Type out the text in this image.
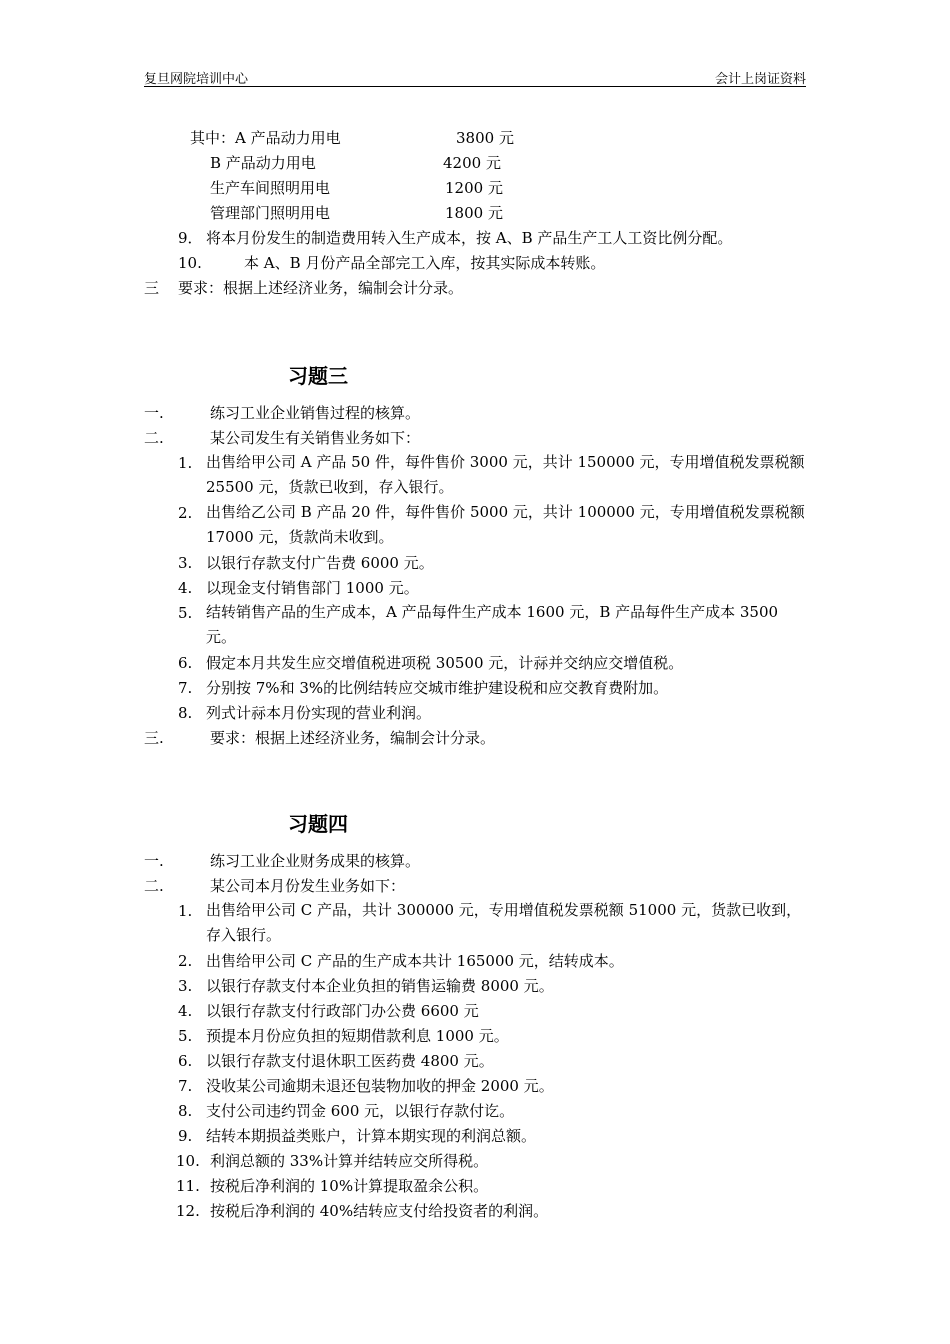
复旦网院培训中心	会计上岗证资料
其中：A 产品动力用电	3800 元
B 产品动力用电	4200 元
生产车间照明用电	1200 元
管理部门照明用电	1800 元
9． 将本月份发生的制造费用转入生产成本，按 A、B 产品生产工人工资比例分配。
10.	本 A、B 月份产品全部完工入库，按其实际成本转账。
三 要求：根据上述经济业务，编制会计分录。
习题三
一.	练习工业企业销售过程的核算。
二.	某公司发生有关销售业务如下：
1. 出售给甲公司 A 产品 50 件，每件售价 3000 元，共计 150000 元，专用增值税发票税额 25500 元，货款已收到，存入银行。
2. 出售给乙公司 B 产品 20 件，每件售价 5000 元，共计 100000 元，专用增值税发票税额 17000 元，货款尚未收到。
3. 以银行存款支付广告费 6000 元。
4. 以现金支付销售部门 1000 元。
5. 结转销售产品的生产成本，A 产品每件生产成本 1600 元，B 产品每件生产成本 3500 元。
6. 假定本月共发生应交增值税进项税 30500 元，计祘并交纳应交增值税。
7. 分别按 7%和 3%的比例结转应交城市维护建设税和应交教育费附加。
8. 列式计祘本月份实现的营业利润。
三.	要求：根据上述经济业务，编制会计分录。
习题四
一.	练习工业企业财务成果的核算。
二.	某公司本月份发生业务如下：
1. 出售给甲公司 C 产品，共计 300000 元，专用增值税发票税额 51000 元，货款已收到，存入银行。
2. 出售给甲公司 C 产品的生产成本共计 165000 元，结转成本。
3. 以银行存款支付本企业负担的销售运输费 8000 元。
4. 以银行存款支付行政部门办公费 6600 元
5. 预提本月份应负担的短期借款利息 1000 元。
6. 以银行存款支付退休职工医药费 4800 元。
7. 没收某公司逾期未退还包装物加收的押金 2000 元。
8. 支付公司违约罚金 600 元，以银行存款付讫。
9. 结转本期损益类账户，计算本期实现的利润总额。
10. 利润总额的 33%计算并结转应交所得税。
11. 按税后净利润的 10%计算提取盈余公积。
12. 按税后净利润的 40%结转应支付给投资者的利润。
